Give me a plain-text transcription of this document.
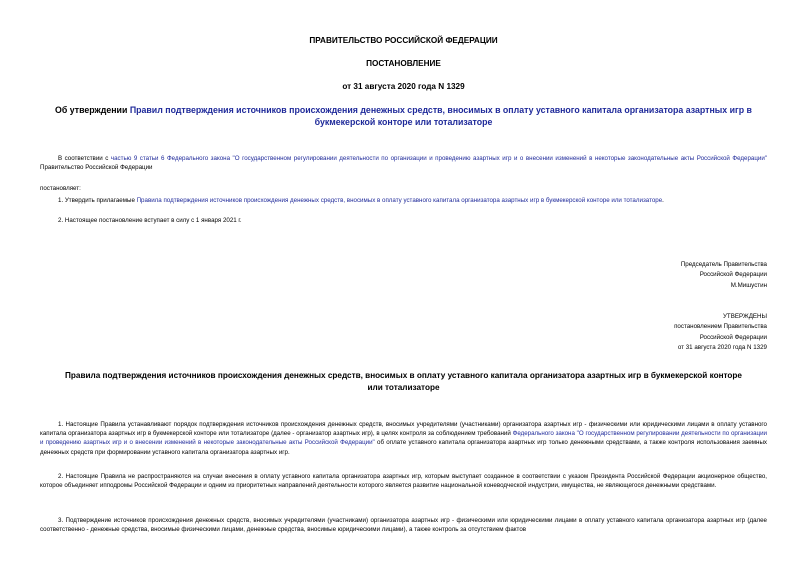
ПРАВИТЕЛЬСТВО РОССИЙСКОЙ ФЕДЕРАЦИИ
ПОСТАНОВЛЕНИЕ
от 31 августа 2020 года N 1329
Об утверждении Правил подтверждения источников происхождения денежных средств, вносимых в оплату уставного капитала организатора азартных игр в букмекерской конторе или тотализаторе
В соответствии с частью 9 статьи 6 Федерального закона "О государственном регулировании деятельности по организации и проведению азартных игр и о внесении изменений в некоторые законодательные акты Российской Федерации" Правительство Российской Федерации
постановляет:
1. Утвердить прилагаемые Правила подтверждения источников происхождения денежных средств, вносимых в оплату уставного капитала организатора азартных игр в букмекерской конторе или тотализаторе.
2. Настоящее постановление вступает в силу с 1 января 2021 г.
Председатель Правительства
Российской Федерации
М.Мишустин
УТВЕРЖДЕНЫ
постановлением Правительства
Российской Федерации
от 31 августа 2020 года N 1329
Правила подтверждения источников происхождения денежных средств, вносимых в оплату уставного капитала организатора азартных игр в букмекерской конторе или тотализаторе
1. Настоящие Правила устанавливают порядок подтверждения источников происхождения денежных средств, вносимых учредителями (участниками) организатора азартных игр - физическими или юридическими лицами в оплату уставного капитала организатора азартных игр в букмекерской конторе или тотализаторе (далее - организатор азартных игр), в целях контроля за соблюдением требований Федерального закона "О государственном регулировании деятельности по организации и проведению азартных игр и о внесении изменений в некоторые законодательные акты Российской Федерации" об оплате уставного капитала организатора азартных игр только денежными средствами, а также контроля использования заемных денежных средств при формировании уставного капитала организатора азартных игр.
2. Настоящие Правила не распространяются на случаи внесения в оплату уставного капитала организатора азартных игр, которым выступает созданное в соответствии с указом Президента Российской Федерации акционерное общество, которое объединяет ипподромы Российской Федерации и одним из приоритетных направлений деятельности которого является развитие национальной коневодческой индустрии, имущества, не являющегося денежными средствами.
3. Подтверждение источников происхождения денежных средств, вносимых учредителями (участниками) организатора азартных игр - физическими или юридическими лицами в оплату уставного капитала организатора азартных игр (далее соответственно - денежные средства, вносимые физическими лицами, денежные средства, вносимые юридическими лицами), а также контроль за отсутствием фактов
